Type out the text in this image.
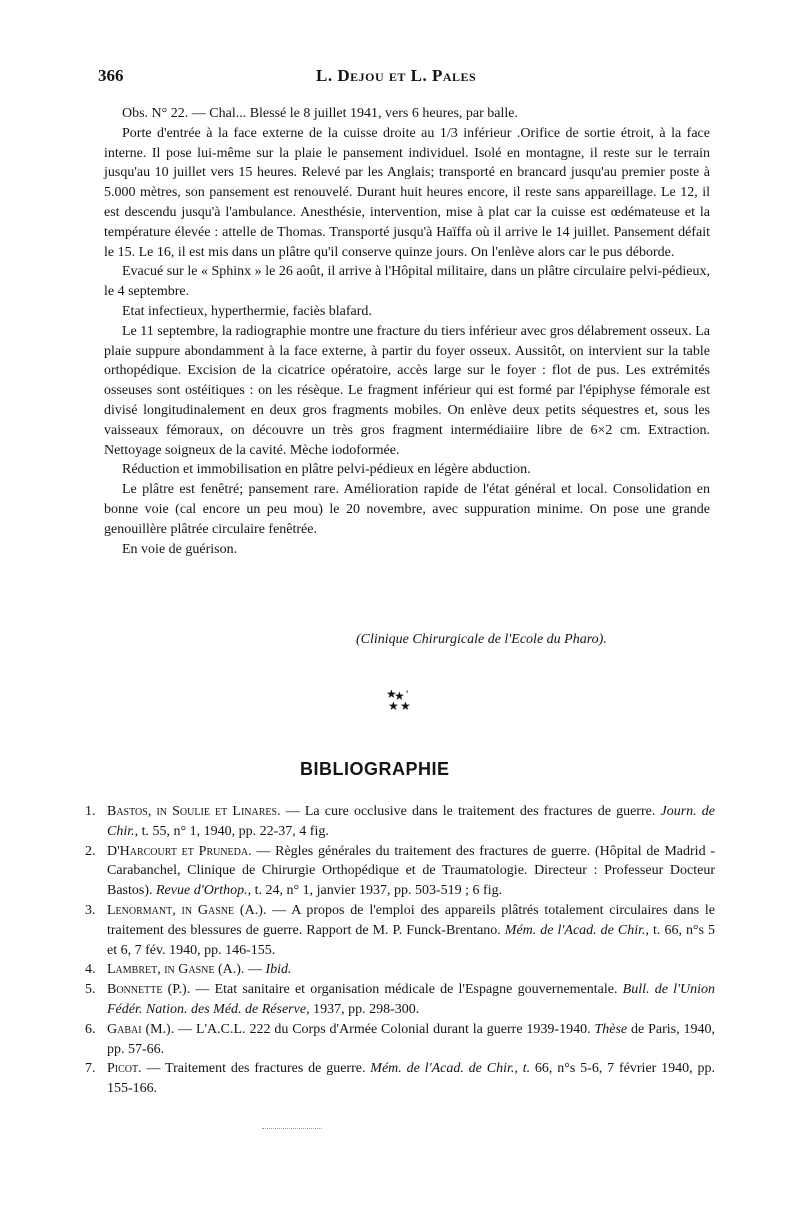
366	L. Dejou et L. Pales

Obs. N° 22. — Chal... Blessé le 8 juillet 1941, vers 6 heures, par balle.

Porte d'entrée à la face externe de la cuisse droite au 1/3 inférieur .Orifice de sortie étroit, à la face interne. Il pose lui-même sur la plaie le pansement individuel. Isolé en montagne, il reste sur le terrain jusqu'au 10 juillet vers 15 heures. Relevé par les Anglais; transporté en brancard jusqu'au premier poste à 5.000 mètres, son pansement est renouvelé. Durant huit heures encore, il reste sans appareillage. Le 12, il est descendu jusqu'à l'ambulance. Anesthésie, intervention, mise à plat car la cuisse est œdémateuse et la température élevée : attelle de Thomas. Transporté jusqu'à Haïffa où il arrive le 14 juillet. Pansement défait le 15. Le 16, il est mis dans un plâtre qu'il conserve quinze jours. On l'enlève alors car le pus déborde.

Evacué sur le « Sphinx » le 26 août, il arrive à l'Hôpital militaire, dans un plâtre circulaire pelvi-pédieux, le 4 septembre.

Etat infectieux, hyperthermie, faciès blafard.

Le 11 septembre, la radiographie montre une fracture du tiers inférieur avec gros délabrement osseux. La plaie suppure abondamment à la face externe, à partir du foyer osseux. Aussitôt, on intervient sur la table orthopédique. Excision de la cicatrice opératoire, accès large sur le foyer : flot de pus. Les extrémités osseuses sont ostéitiques : on les résèque. Le fragment inférieur qui est formé par l'épiphyse fémorale est divisé longitudinalement en deux gros fragments mobiles. On enlève deux petits séquestres et, sous les vaisseaux fémoraux, on découvre un très gros fragment intermédiaiire libre de 6×2 cm. Extraction. Nettoyage soigneux de la cavité. Mèche iodoformée.

Réduction et immobilisation en plâtre pelvi-pédieux en légère abduction.

Le plâtre est fenêtré; pansement rare. Amélioration rapide de l'état général et local. Consolidation en bonne voie (cal encore un peu mou) le 20 novembre, avec suppuration minime. On pose une grande genouillère plâtrée circulaire fenêtrée.

En voie de guérison.

(Clinique Chirurgicale de l'Ecole du Pharo).
★
★ '
★ ★
BIBLIOGRAPHIE
1. Bastos, in Soulie et Linares. — La cure occlusive dans le traitement des fractures de guerre. Journ. de Chir., t. 55, n° 1, 1940, pp. 22-37, 4 fig.
2. D'Harcourt et Pruneda. — Règles générales du traitement des fractures de guerre. (Hôpital de Madrid - Carabanchel, Clinique de Chirurgie Orthopédique et de Traumatologie. Directeur : Professeur Docteur Bastos). Revue d'Orthop., t. 24, n° 1, janvier 1937, pp. 503-519 ; 6 fig.
3. Lenormant, in Gasne (A.). — A propos de l'emploi des appareils plâtrés totalement circulaires dans le traitement des blessures de guerre. Rapport de M. P. Funck-Brentano. Mém. de l'Acad. de Chir., t. 66, n°s 5 et 6, 7 fév. 1940, pp. 146-155.
4. Lambret, in Gasne (A.). — Ibid.
5. Bonnette (P.). — Etat sanitaire et organisation médicale de l'Espagne gouvernementale. Bull. de l'Union Fédér. Nation. des Méd. de Réserve, 1937, pp. 298-300.
6. Gabai (M.). — L'A.C.L. 222 du Corps d'Armée Colonial durant la guerre 1939-1940. Thèse de Paris, 1940, pp. 57-66.
7. Picot. — Traitement des fractures de guerre. Mém. de l'Acad. de Chir., t. 66, n°s 5-6, 7 février 1940, pp. 155-166.
